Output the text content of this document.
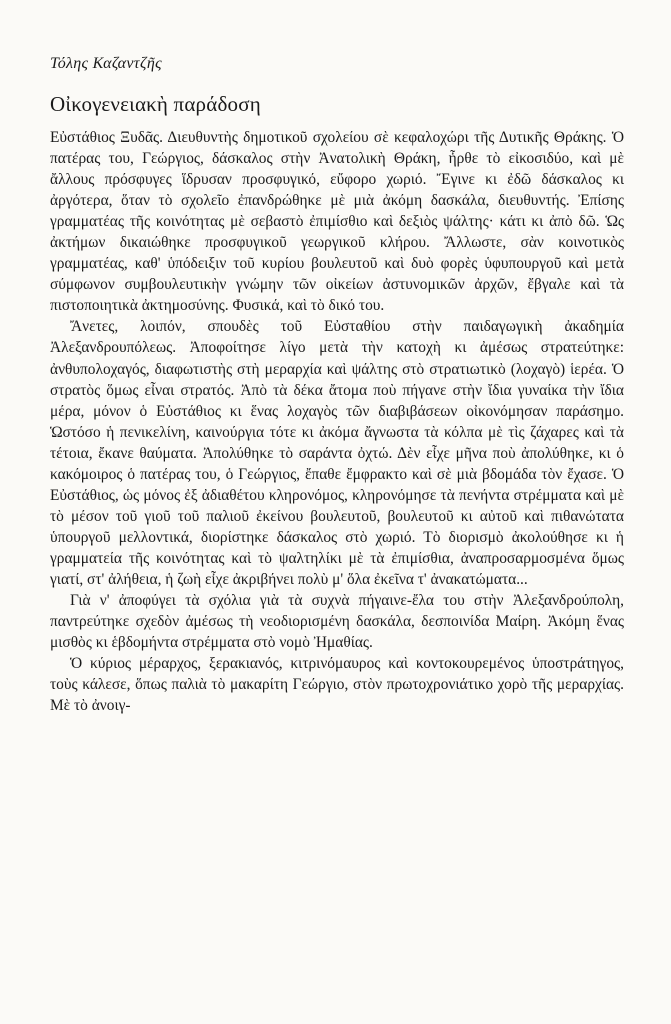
Τόλης Καζαντζῆς
Οἰκογενειακὴ παράδοση

Εὐστάθιος Ξυδᾶς. Διευθυντὴς δημοτικοῦ σχολείου σὲ κεφαλοχώρι τῆς Δυτικῆς Θράκης. Ὁ πατέρας του, Γεώργιος, δάσκαλος στὴν Ἀνατολικὴ Θράκη, ἦρθε τὸ εἰκοσιδύο, καὶ μὲ ἄλλους πρόσφυγες ἵδρυσαν προσφυγικό, εὔφορο χωριό. Ἔγινε κι ἐδῶ δάσκαλος κι ἀργότερα, ὅταν τὸ σχολεῖο ἐπανδρώθηκε μὲ μιὰ ἀκόμη δασκάλα, διευθυντής. Ἐπίσης γραμματέας τῆς κοινότητας μὲ σεβαστὸ ἐπιμίσθιο καὶ δεξιὸς ψάλτης· κάτι κι ἀπὸ δῶ. Ὡς ἀκτήμων δικαιώθηκε προσφυγικοῦ γεωργικοῦ κλήρου. Ἄλλωστε, σὰν κοινοτικὸς γραμματέας, καθ' ὑπόδειξιν τοῦ κυρίου βουλευτοῦ καὶ δυὸ φορὲς ὑφυπουργοῦ καὶ μετὰ σύμφωνον συμβουλευτικὴν γνώμην τῶν οἰκείων ἀστυνομικῶν ἀρχῶν, ἔβγαλε καὶ τὰ πιστοποιητικὰ ἀκτημοσύνης. Φυσικά, καὶ τὸ δικό του.

Ἄνετες, λοιπόν, σπουδὲς τοῦ Εὐσταθίου στὴν παιδαγωγικὴ ἀκαδημία Ἀλεξανδρουπόλεως. Ἀποφοίτησε λίγο μετὰ τὴν κατοχὴ κι ἀμέσως στρατεύτηκε: ἀνθυπολοχαγός, διαφωτιστὴς στὴ μεραρχία καὶ ψάλτης στὸ στρατιωτικὸ (λοχαγὸ) ἱερέα. Ὁ στρατὸς ὅμως εἶναι στρατός. Ἀπὸ τὰ δέκα ἄτομα ποὺ πήγανε στὴν ἴδια γυναίκα τὴν ἴδια μέρα, μόνον ὁ Εὐστάθιος κι ἕνας λοχαγὸς τῶν διαβιβάσεων οἰκονόμησαν παράσημο. Ὡστόσο ἡ πενικελίνη, καινούργια τότε κι ἀκόμα ἄγνωστα τὰ κόλπα μὲ τὶς ζάχαρες καὶ τὰ τέτοια, ἔκανε θαύματα. Ἀπολύθηκε τὸ σαράντα ὀχτώ. Δὲν εἶχε μῆνα ποὺ ἀπολύθηκε, κι ὁ κακόμοιρος ὁ πατέρας του, ὁ Γεώργιος, ἔπαθε ἔμφρακτο καὶ σὲ μιὰ βδομάδα τὸν ἔχασε. Ὁ Εὐστάθιος, ὡς μόνος ἐξ ἀδιαθέτου κληρονόμος, κληρονόμησε τὰ πενήντα στρέμματα καὶ μὲ τὸ μέσον τοῦ γιοῦ τοῦ παλιοῦ ἐκείνου βουλευτοῦ, βουλευτοῦ κι αὐτοῦ καὶ πιθανώτατα ὑπουργοῦ μελλοντικά, διορίστηκε δάσκαλος στὸ χωριό. Τὸ διορισμὸ ἀκολούθησε κι ἡ γραμματεία τῆς κοινότητας καὶ τὸ ψαλτηλίκι μὲ τὰ ἐπιμίσθια, ἀναπροσαρμοσμένα ὅμως γιατί, στ' ἀλήθεια, ἡ ζωὴ εἶχε ἀκριβήνει πολὺ μ' ὅλα ἐκεῖνα τ' ἀνακατώματα...

Γιὰ ν' ἀποφύγει τὰ σχόλια γιὰ τὰ συχνὰ πήγαινε-ἔλα του στὴν Ἀλεξανδρούπολη, παντρεύτηκε σχεδὸν ἀμέσως τὴ νεοδιορισμένη δασκάλα, δεσποινίδα Μαίρη. Ἀκόμη ἕνας μισθὸς κι ἑβδομήντα στρέμματα στὸ νομὸ Ἠμαθίας.

Ὁ κύριος μέραρχος, ξερακιανός, κιτρινόμαυρος καὶ κοντοκουρεμένος ὑποστράτηγος, τοὺς κάλεσε, ὅπως παλιὰ τὸ μακαρίτη Γεώργιο, στὸν πρωτοχρονιάτικο χορὸ τῆς μεραρχίας. Μὲ τὸ ἀνοιγ-
